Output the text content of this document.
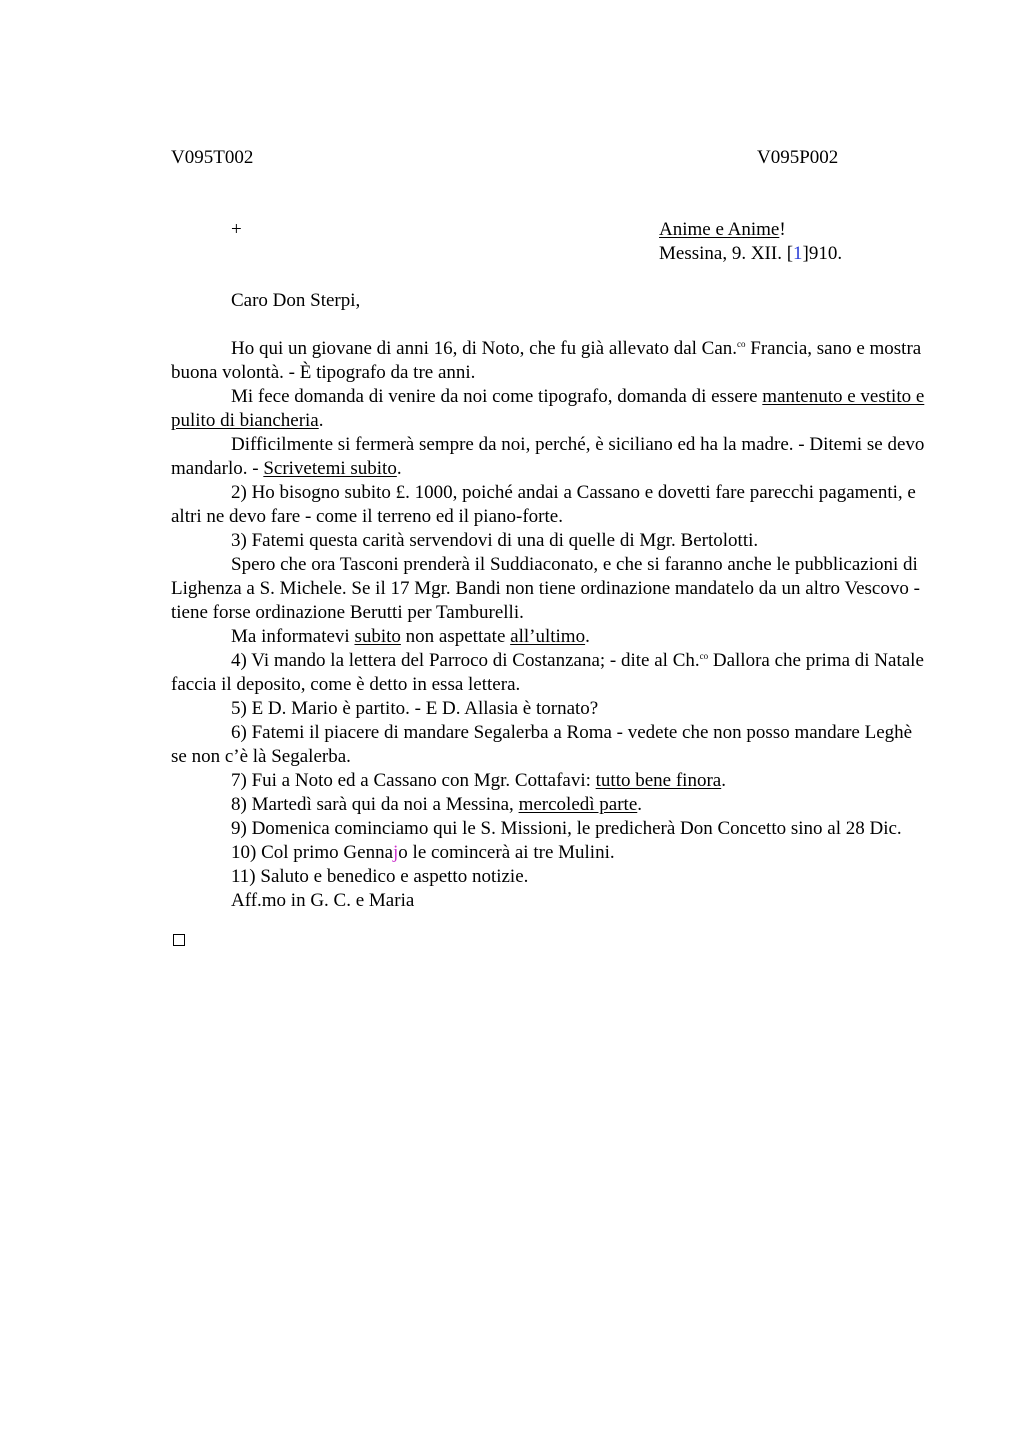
V095T002	V095P002
+	Anime e Anime!
Messina, 9. XII. [1]910.
Caro Don Sterpi,

Ho qui un giovane di anni 16, di Noto, che fu già allevato dal Can.$^{co}$ Francia, sano e mostra buona volontà. - È tipografo da tre anni.

Mi fece domanda di venire da noi come tipografo, domanda di essere mantenuto e vestito e pulito di biancheria.

Difficilmente si fermerà sempre da noi, perché, è siciliano ed ha la madre. - Ditemi se devo mandarlo. - Scrivetemi subito.

2) Ho bisogno subito £. 1000, poiché andai a Cassano e dovetti fare parecchi pagamenti, e altri ne devo fare - come il terreno ed il piano-forte.

3) Fatemi questa carità servendovi di una di quelle di Mgr. Bertolotti.

Spero che ora Tasconi prenderà il Suddiaconato, e che si faranno anche le pubblicazioni di Lighenza a S. Michele. Se il 17 Mgr. Bandi non tiene ordinazione mandatelo da un altro Vescovo - tiene forse ordinazione Berutti per Tamburelli.

Ma informatevi subito non aspettate all’ultimo.

4) Vi mando la lettera del Parroco di Costanzana; - dite al Ch.$^{co}$ Dallora che prima di Natale faccia il deposito, come è detto in essa lettera.

5) E D. Mario è partito. - E D. Allasia è tornato?

6) Fatemi il piacere di mandare Segalerba a Roma - vedete che non posso mandare Leghè se non c’è là Segalerba.

7) Fui a Noto ed a Cassano con Mgr. Cottafavi: tutto bene finora.

8) Martedì sarà qui da noi a Messina, mercoledì parte.

9) Domenica cominciamo qui le S. Missioni, le predicherà Don Concetto sino al 28 Dic.

10) Col primo Gennajo le comincerà ai tre Mulini.

11) Saluto e benedico e aspetto notizie.

Aff.mo in G. C. e Maria
